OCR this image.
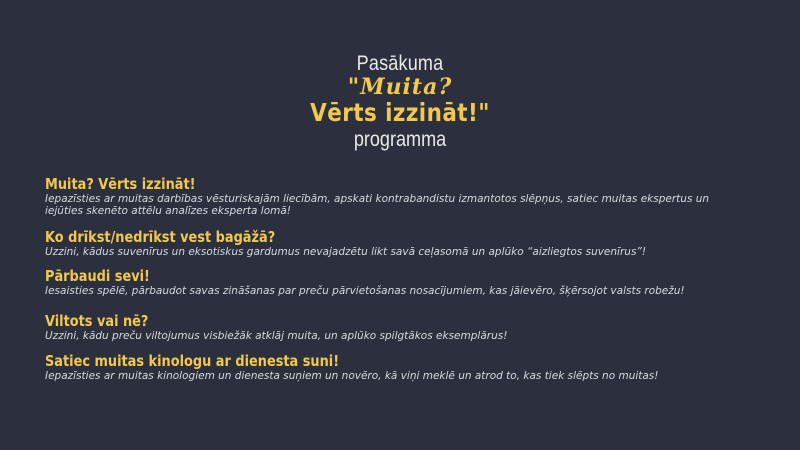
Pasākuma
"Muita?
Vērts izzināt!"
programma
Muita? Vērts izzināt!
Iepazīsties ar muitas darbības vēsturiskajām liecībām, apskati kontrabandistu izmantotos slēpņus, satiec muitas ekspertus un iejūties skenēto attēlu analīzes eksperta lomā!
Ko drīkst/nedrīkst vest bagāžā?
Uzzini, kādus suvenīrus un eksotiskus gardumus nevajadzētu likt savā ceļasomā un aplūko “aizliegtos suvenīrus”!
Pārbaudi sevi!
Iesaisties spēlē, pārbaudot savas zināšanas par preču pārvietošanas nosacījumiem, kas jāievēro, šķērsojot valsts robežu!
Viltots vai nē?
Uzzini, kādu preču viltojumus visbiežāk atklāj muita, un aplūko spilgtākos eksemplārus!
Satiec muitas kinologu ar dienesta suni!
Iepazīsties ar muitas kinologiem un dienesta suņiem un novēro, kā viņi meklē un atrod to, kas tiek slēpts no muitas!
